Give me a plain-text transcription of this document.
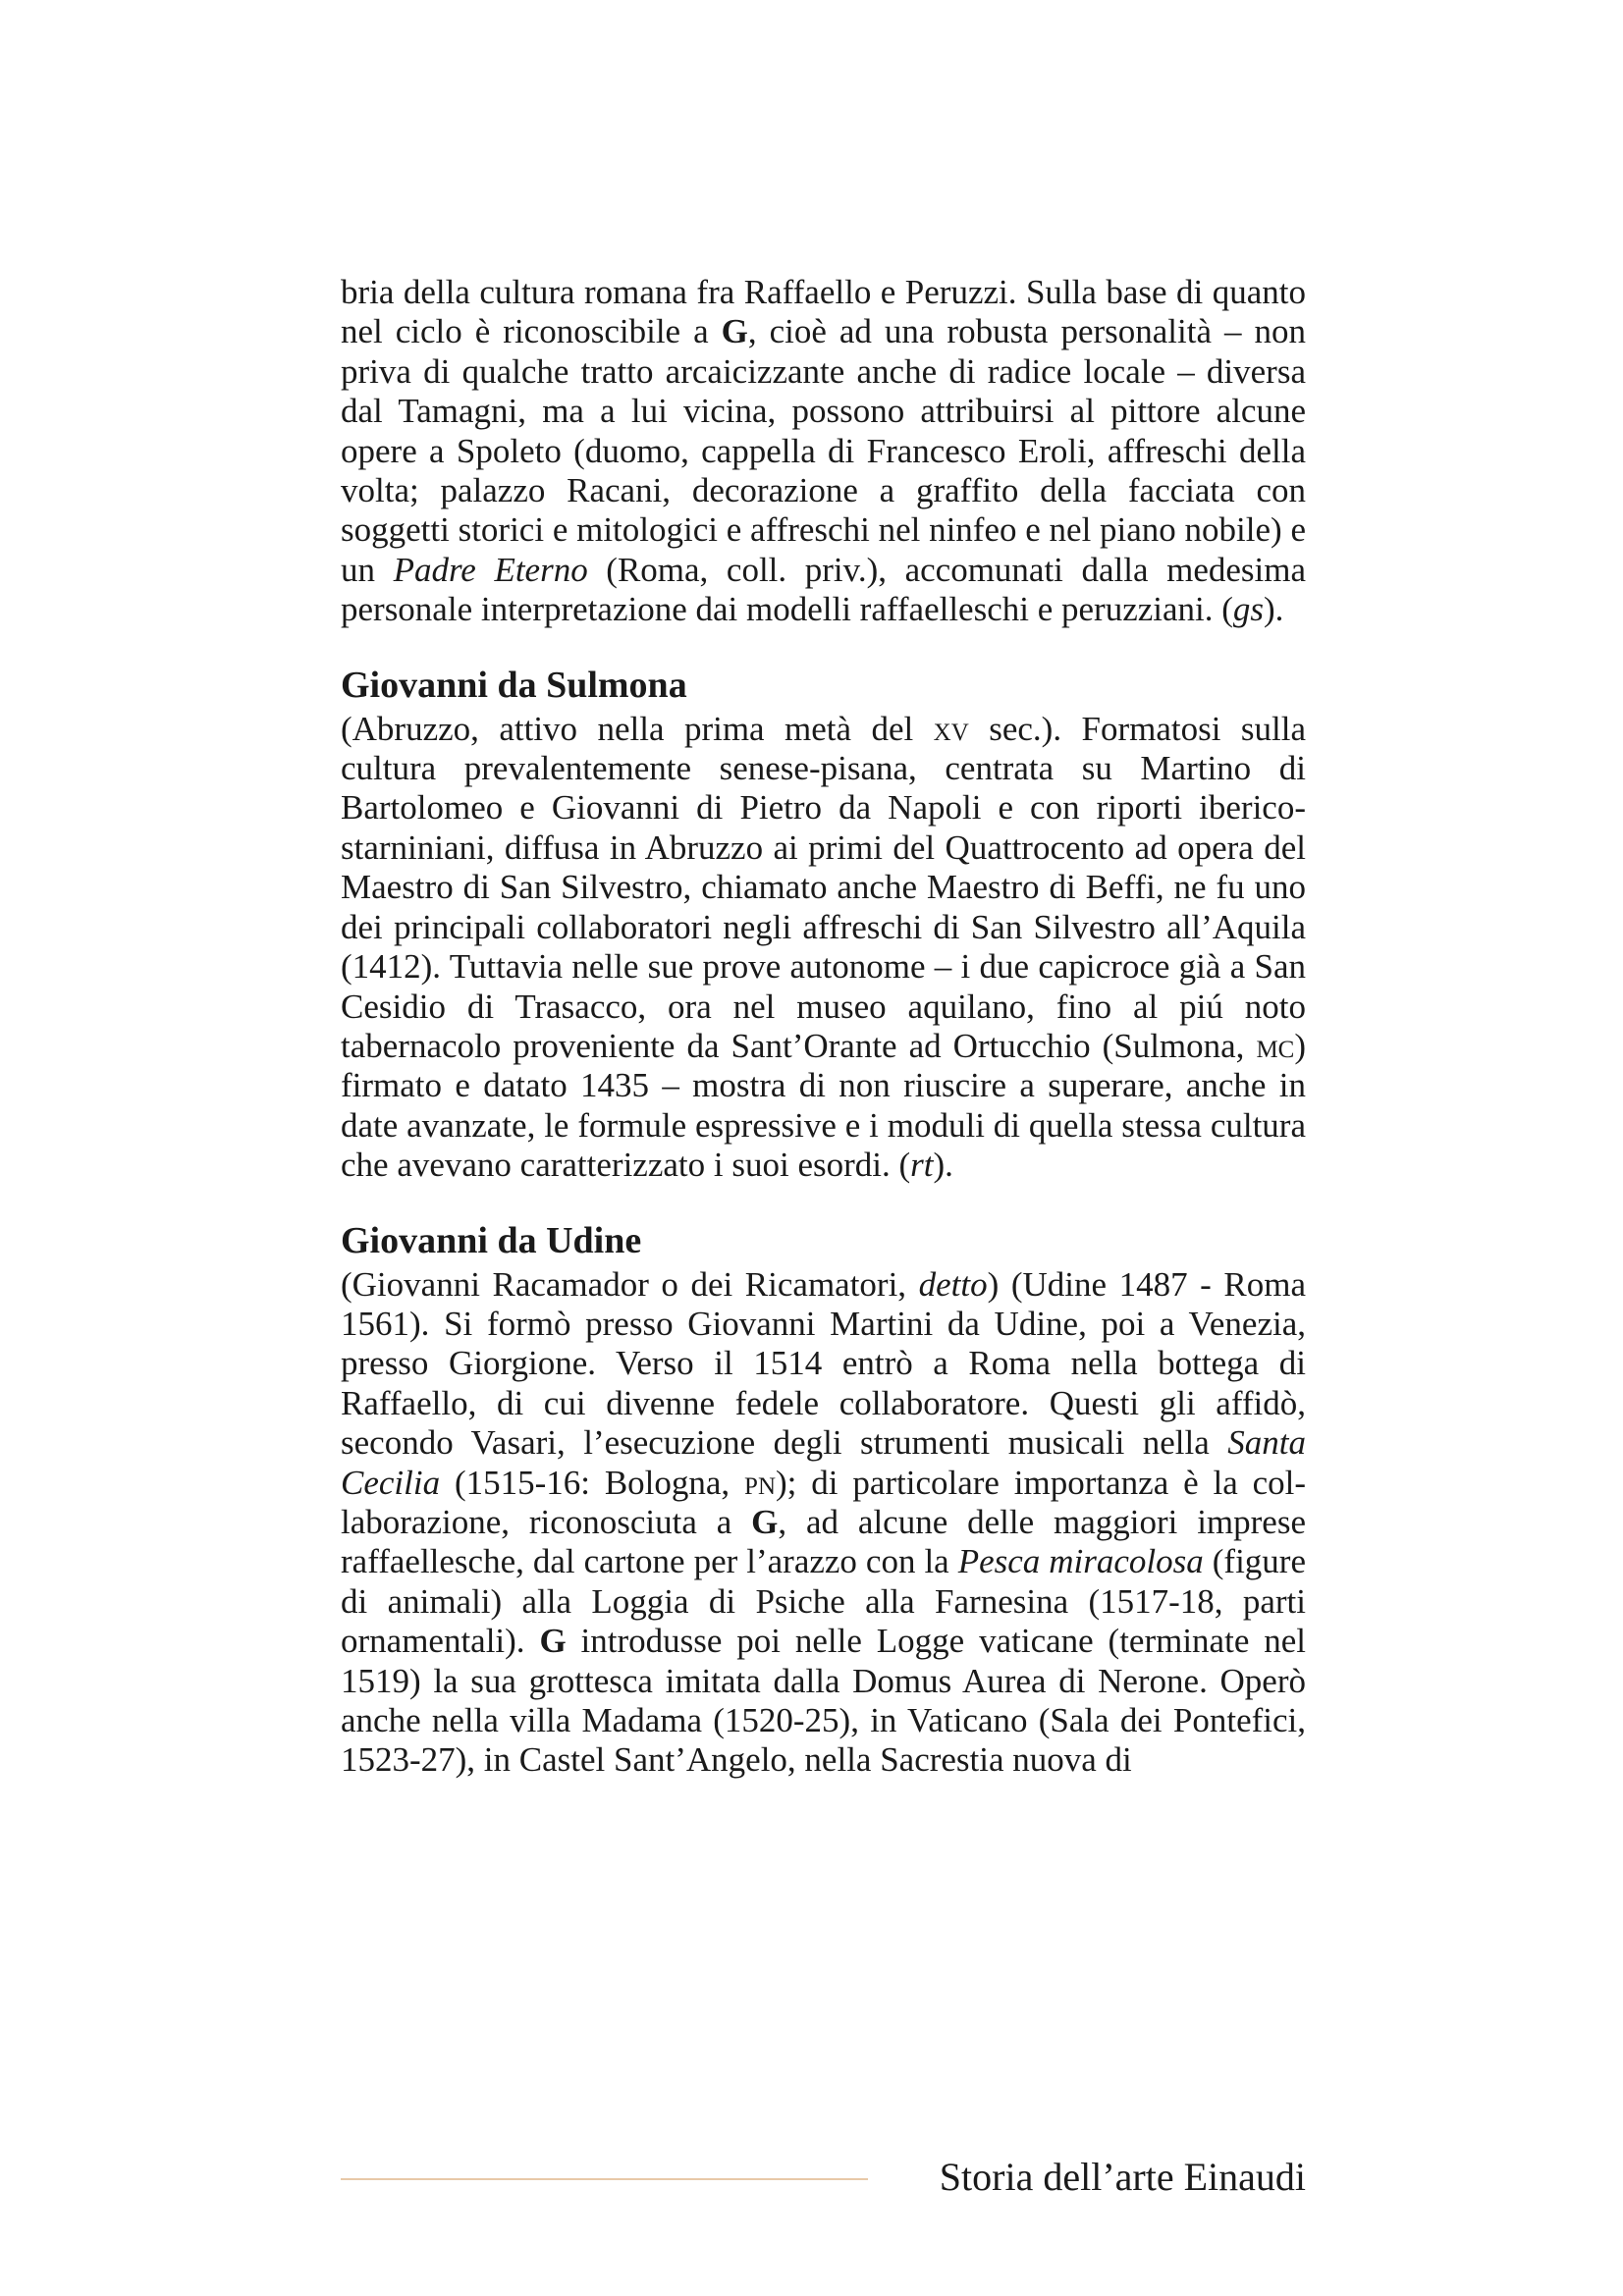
bria della cultura romana fra Raffaello e Peruzzi. Sulla base di quanto nel ciclo è riconoscibile a G, cioè ad una robusta personalità – non priva di qualche tratto arcaicizzante anche di radice locale – diversa dal Tamagni, ma a lui vicina, possono attribuirsi al pittore alcune opere a Spoleto (duomo, cappella di Francesco Eroli, affreschi della volta; palazzo Racani, decorazione a graffito della facciata con soggetti storici e mitologici e affreschi nel ninfeo e nel piano nobile) e un Padre Eterno (Roma, coll. priv.), accomunati dalla medesima personale interpretazione dai modelli raffaelleschi e peruzziani. (gs).

Giovanni da Sulmona

(Abruzzo, attivo nella prima metà del xv sec.). Formatosi sulla cultura prevalentemente senese-pisana, centrata su Martino di Bartolomeo e Giovanni di Pietro da Napoli e con riporti iberico-starniniani, diffusa in Abruzzo ai primi del Quattrocento ad opera del Maestro di San Silvestro, chiamato anche Maestro di Beffi, ne fu uno dei principali collaboratori negli affreschi di San Silvestro all’Aquila (1412). Tuttavia nelle sue prove autonome – i due capicroce già a San Cesidio di Trasacco, ora nel museo aquilano, fino al piú noto tabernacolo proveniente da Sant’Orante ad Ortucchio (Sulmona, mc) firmato e datato 1435 – mostra di non riuscire a superare, anche in date avanzate, le formule espressive e i moduli di quella stessa cultura che avevano caratterizzato i suoi esordi. (rt).

Giovanni da Udine

(Giovanni Racamador o dei Ricamatori, detto) (Udine 1487 - Roma 1561). Si formò presso Giovanni Martini da Udine, poi a Venezia, presso Giorgione. Verso il 1514 entrò a Roma nella bottega di Raffaello, di cui divenne fedele collaboratore. Questi gli affidò, secondo Vasari, l’esecuzione degli strumenti musicali nella Santa Cecilia (1515-16: Bologna, pn); di particolare importanza è la collaborazione, riconosciuta a G, ad alcune delle maggiori imprese raffaellesche, dal cartone per l’arazzo con la Pesca miracolosa (figure di animali) alla Loggia di Psiche alla Farnesina (1517-18, parti ornamentali). G introdusse poi nelle Logge vaticane (terminate nel 1519) la sua grottesca imitata dalla Domus Aurea di Nerone. Operò anche nella villa Madama (1520-25), in Vaticano (Sala dei Pontefici, 1523-27), in Castel Sant’Angelo, nella Sacrestia nuova di

Storia dell’arte Einaudi
